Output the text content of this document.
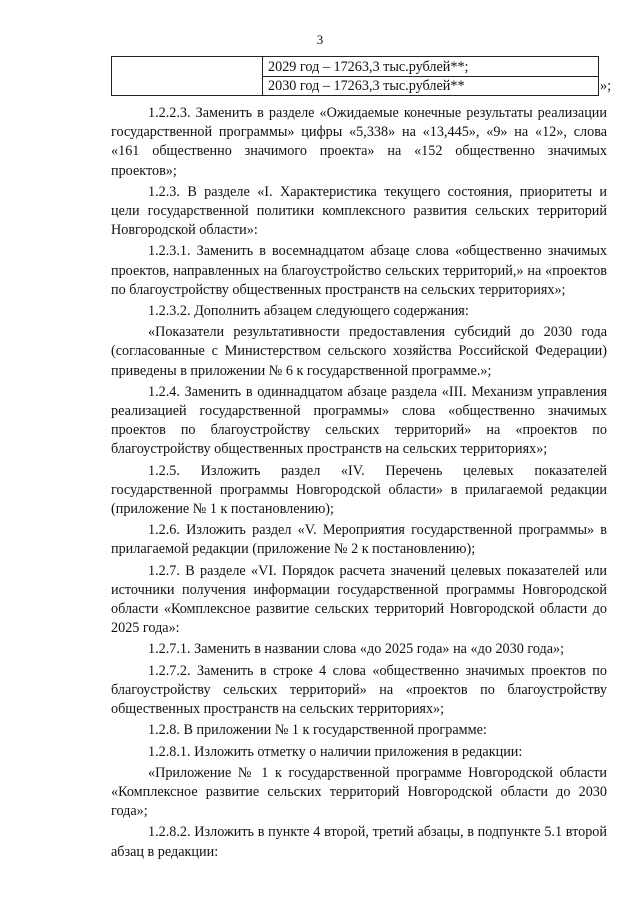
3
2029 год – 17263,3 тыс.рублей**;
2030 год – 17263,3 тыс.рублей**	»;

1.2.2.3. Заменить в разделе «Ожидаемые конечные результаты реализации государственной программы» цифры «5,338» на «13,445», «9» на «12», слова «161 общественно значимого проекта» на «152 общественно значимых проектов»;

1.2.3. В разделе «I. Характеристика текущего состояния, приоритеты и цели государственной политики комплексного развития сельских территорий Новгородской области»:

1.2.3.1. Заменить в восемнадцатом абзаце слова «общественно значимых проектов, направленных на благоустройство сельских территорий,» на «проектов по благоустройству общественных пространств на сельских территориях»;

1.2.3.2. Дополнить абзацем следующего содержания:

«Показатели результативности предоставления субсидий до 2030 года (согласованные с Министерством сельского хозяйства Российской Федерации) приведены в приложении № 6 к государственной программе.»;

1.2.4. Заменить в одиннадцатом абзаце раздела «III. Механизм управления реализацией государственной программы» слова «общественно значимых проектов по благоустройству сельских территорий» на «проектов по благоустройству общественных пространств на сельских территориях»;

1.2.5. Изложить раздел «IV. Перечень целевых показателей государственной программы Новгородской области» в прилагаемой редакции (приложение № 1 к постановлению);

1.2.6. Изложить раздел «V. Мероприятия государственной программы» в прилагаемой редакции (приложение № 2 к постановлению);

1.2.7. В разделе «VI. Порядок расчета значений целевых показателей или источники получения информации государственной программы Новгородской области «Комплексное развитие сельских территорий Новгородской области до 2025 года»:

1.2.7.1. Заменить в названии слова «до 2025 года» на «до 2030 года»;

1.2.7.2. Заменить в строке 4 слова «общественно значимых проектов по благоустройству сельских территорий» на «проектов по благоустройству общественных пространств на сельских территориях»;

1.2.8. В приложении № 1 к государственной программе:

1.2.8.1. Изложить отметку о наличии приложения в редакции:

«Приложение № 1 к государственной программе Новгородской области «Комплексное развитие сельских территорий Новгородской области до 2030 года»;

1.2.8.2. Изложить в пункте 4 второй, третий абзацы, в подпункте 5.1 второй абзац в редакции:
